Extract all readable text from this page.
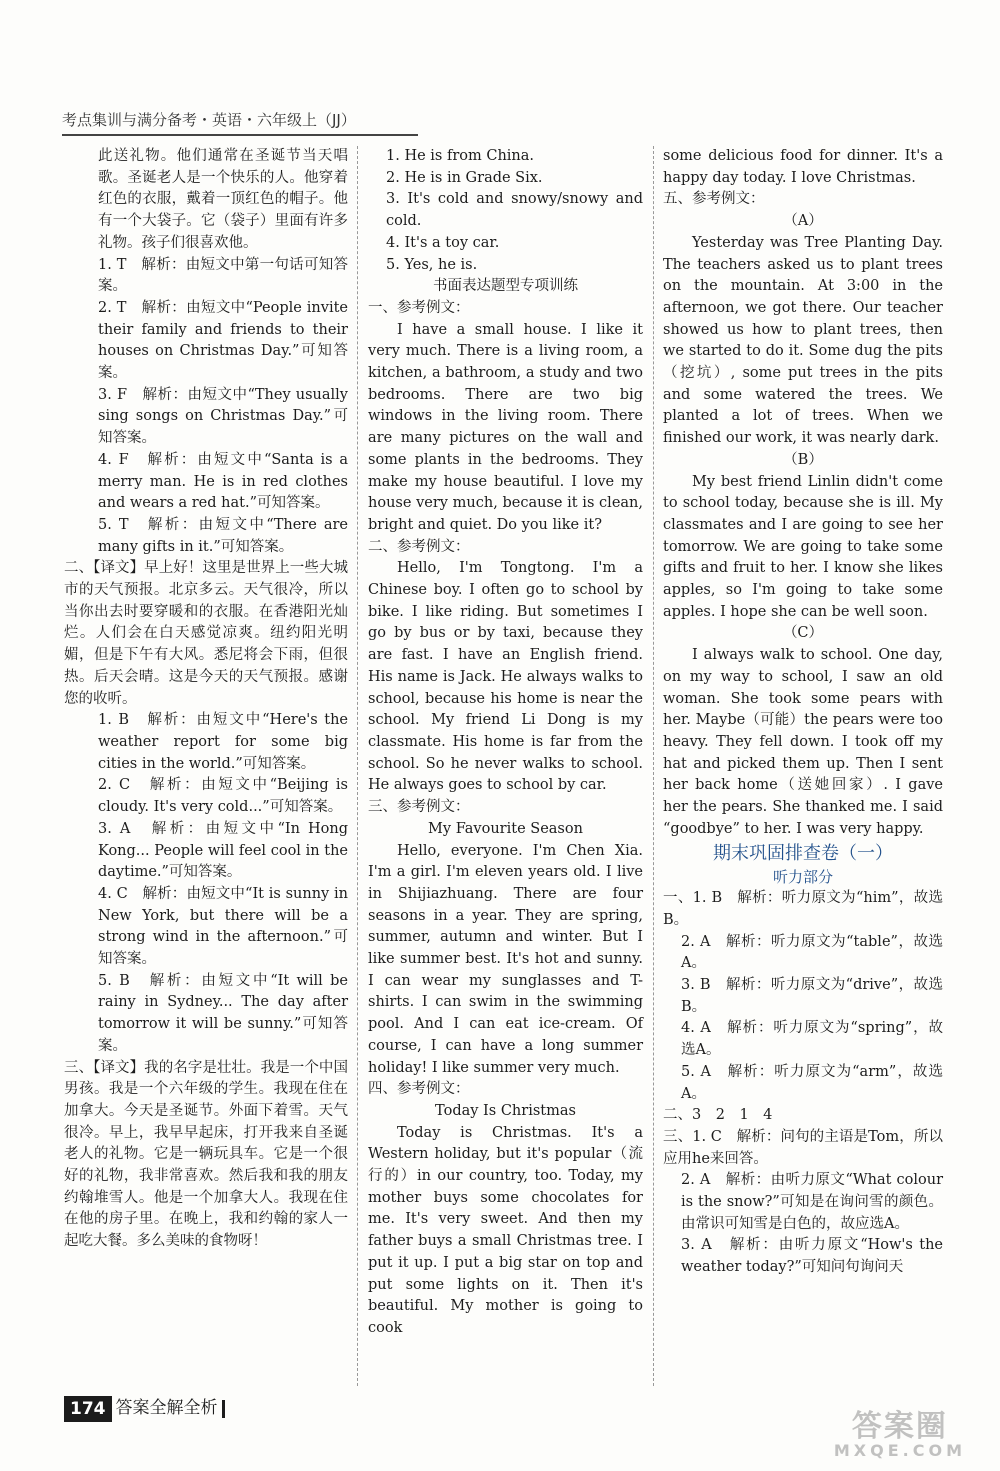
考点集训与满分备考・英语・六年级上（JJ）

此送礼物。他们通常在圣诞节当天唱歌。圣诞老人是一个快乐的人。他穿着红色的衣服，戴着一顶红色的帽子。他有一个大袋子。它（袋子）里面有许多礼物。孩子们很喜欢他。

1. T　解析：由短文中第一句话可知答案。

2. T　解析：由短文中“People invite their family and friends to their houses on Christmas Day.”可知答案。

3. F　解析：由短文中“They usually sing songs on Christmas Day.”可知答案。

4. F　解析：由短文中“Santa is a merry man. He is in red clothes and wears a red hat.”可知答案。

5. T　解析：由短文中“There are many gifts in it.”可知答案。

二、【译文】早上好！这里是世界上一些大城市的天气预报。北京多云。天气很冷，所以当你出去时要穿暖和的衣服。在香港阳光灿烂。人们会在白天感觉凉爽。纽约阳光明媚，但是下午有大风。悉尼将会下雨，但很热。后天会晴。这是今天的天气预报。感谢您的收听。

1. B　解析：由短文中“Here's the weather report for some big cities in the world.”可知答案。

2. C　解析：由短文中“Beijing is cloudy. It's very cold...”可知答案。

3. A　解析：由短文中“In Hong Kong... People will feel cool in the daytime.”可知答案。

4. C　解析：由短文中“It is sunny in New York, but there will be a strong wind in the afternoon.”可知答案。

5. B　解析：由短文中“It will be rainy in Sydney... The day after tomorrow it will be sunny.”可知答案。

三、【译文】我的名字是壮壮。我是一个中国男孩。我是一个六年级的学生。我现在住在加拿大。今天是圣诞节。外面下着雪。天气很冷。早上，我早早起床，打开我来自圣诞老人的礼物。它是一辆玩具车。它是一个很好的礼物，我非常喜欢。然后我和我的朋友约翰堆雪人。他是一个加拿大人。我现在住在他的房子里。在晚上，我和约翰的家人一起吃大餐。多么美味的食物呀！

1. He is from China.

2. He is in Grade Six.

3. It's cold and snowy/snowy and cold.

4. It's a toy car.

5. Yes, he is.

书面表达题型专项训练

一、参考例文：

I have a small house. I like it very much. There is a living room, a kitchen, a bathroom, a study and two bedrooms. There are two big windows in the living room. There are many pictures on the wall and some plants in the bedrooms. They make my house beautiful. I love my house very much, because it is clean, bright and quiet. Do you like it?

二、参考例文：

Hello, I'm Tongtong. I'm a Chinese boy. I often go to school by bike. I like riding. But sometimes I go by bus or by taxi, because they are fast. I have an English friend. His name is Jack. He always walks to school, because his home is near the school. My friend Li Dong is my classmate. His home is far from the school. So he never walks to school. He always goes to school by car.

三、参考例文：

My Favourite Season

Hello, everyone. I'm Chen Xia. I'm a girl. I'm eleven years old. I live in Shijiazhuang. There are four seasons in a year. They are spring, summer, autumn and winter. But I like summer best. It's hot and sunny. I can wear my sunglasses and T-shirts. I can swim in the swimming pool. And I can eat ice-cream. Of course, I can have a long summer holiday! I like summer very much.

四、参考例文：

Today Is Christmas

Today is Christmas. It's a Western holiday, but it's popular（流行的）in our country, too. Today, my mother buys some chocolates for me. It's very sweet. And then my father buys a small Christmas tree. I put it up. I put a big star on top and put some lights on it. Then it's beautiful. My mother is going to cook

some delicious food for dinner. It's a happy day today. I love Christmas.

五、参考例文：

（A）

Yesterday was Tree Planting Day. The teachers asked us to plant trees on the mountain. At 3:00 in the afternoon, we got there. Our teacher showed us how to plant trees, then we started to do it. Some dug the pits（挖坑）, some put trees in the pits and some watered the trees. We planted a lot of trees. When we finished our work, it was nearly dark.

（B）

My best friend Linlin didn't come to school today, because she is ill. My classmates and I are going to see her tomorrow. We are going to take some gifts and fruit to her. I know she likes apples, so I'm going to take some apples. I hope she can be well soon.

（C）

I always walk to school. One day, on my way to school, I saw an old woman. She took some pears with her. Maybe（可能）the pears were too heavy. They fell down. I took off my hat and picked them up. Then I sent her back home（送她回家）. I gave her the pears. She thanked me. I said “goodbye” to her. I was very happy.

期末巩固排查卷（一）

听力部分

一、1. B　解析：听力原文为“him”，故选B。

2. A　解析：听力原文为“table”，故选A。

3. B　解析：听力原文为“drive”，故选B。

4. A　解析：听力原文为“spring”，故选A。

5. A　解析：听力原文为“arm”，故选A。

二、3　2　1　4

三、1. C　解析：问句的主语是Tom，所以应用he来回答。

2. A　解析：由听力原文“What colour is the snow?”可知是在询问雪的颜色。由常识可知雪是白色的，故应选A。

3. A　解析：由听力原文“How's the weather today?”可知问句询问天

174 答案全解全析
答案圈
MXQE.COM
